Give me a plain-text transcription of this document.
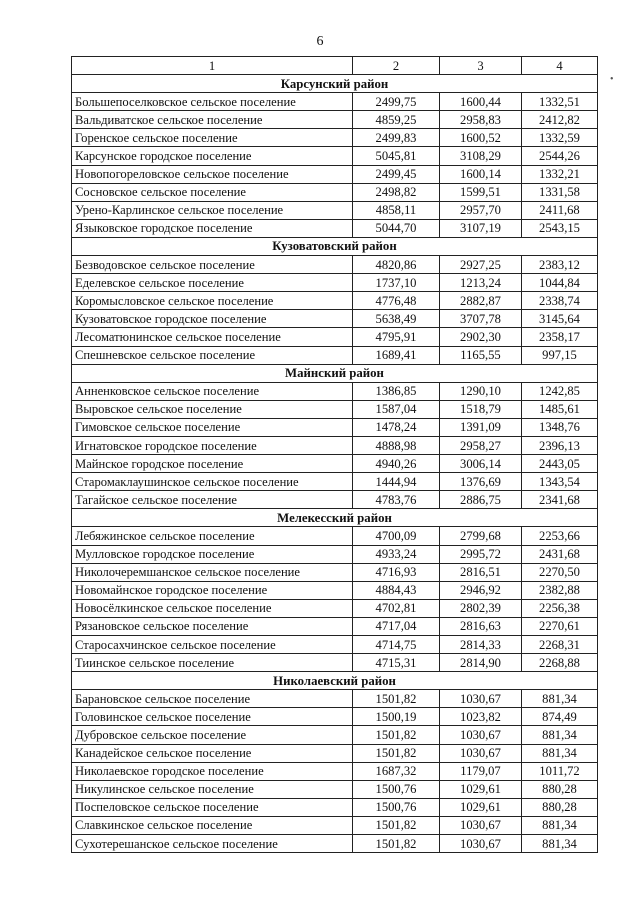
6
•
1	2	3	4
Карсунский район			
Большепоселковское сельское поселение	2499,75	1600,44	1332,51
Вальдиватское сельское поселение	4859,25	2958,83	2412,82
Горенское сельское поселение	2499,83	1600,52	1332,59
Карсунское городское поселение	5045,81	3108,29	2544,26
Новопогореловское сельское поселение	2499,45	1600,14	1332,21
Сосновское сельское поселение	2498,82	1599,51	1331,58
Урено-Карлинское сельское поселение	4858,11	2957,70	2411,68
Языковское городское поселение	5044,70	3107,19	2543,15
Кузоватовский район			
Безводовское сельское поселение	4820,86	2927,25	2383,12
Еделевское сельское поселение	1737,10	1213,24	1044,84
Коромысловское сельское поселение	4776,48	2882,87	2338,74
Кузоватовское городское поселение	5638,49	3707,78	3145,64
Лесоматюнинское сельское поселение	4795,91	2902,30	2358,17
Спешневское сельское поселение	1689,41	1165,55	997,15
Майнский район			
Анненковское сельское поселение	1386,85	1290,10	1242,85
Выровское сельское поселение	1587,04	1518,79	1485,61
Гимовское сельское поселение	1478,24	1391,09	1348,76
Игнатовское городское поселение	4888,98	2958,27	2396,13
Майнское городское поселение	4940,26	3006,14	2443,05
Старомаклаушинское сельское поселение	1444,94	1376,69	1343,54
Тагайское сельское поселение	4783,76	2886,75	2341,68
Мелекесский район			
Лебяжинское сельское поселение	4700,09	2799,68	2253,66
Мулловское городское поселение	4933,24	2995,72	2431,68
Николочеремшанское сельское поселение	4716,93	2816,51	2270,50
Новомайнское городское поселение	4884,43	2946,92	2382,88
Новосёлкинское сельское поселение	4702,81	2802,39	2256,38
Рязановское сельское поселение	4717,04	2816,63	2270,61
Старосахчинское сельское поселение	4714,75	2814,33	2268,31
Тиинское сельское поселение	4715,31	2814,90	2268,88
Николаевский район			
Барановское сельское поселение	1501,82	1030,67	881,34
Головинское сельское поселение	1500,19	1023,82	874,49
Дубровское сельское поселение	1501,82	1030,67	881,34
Канадейское сельское поселение	1501,82	1030,67	881,34
Николаевское городское поселение	1687,32	1179,07	1011,72
Никулинское сельское поселение	1500,76	1029,61	880,28
Поспеловское сельское поселение	1500,76	1029,61	880,28
Славкинское сельское поселение	1501,82	1030,67	881,34
Сухотерешанское сельское поселение	1501,82	1030,67	881,34
